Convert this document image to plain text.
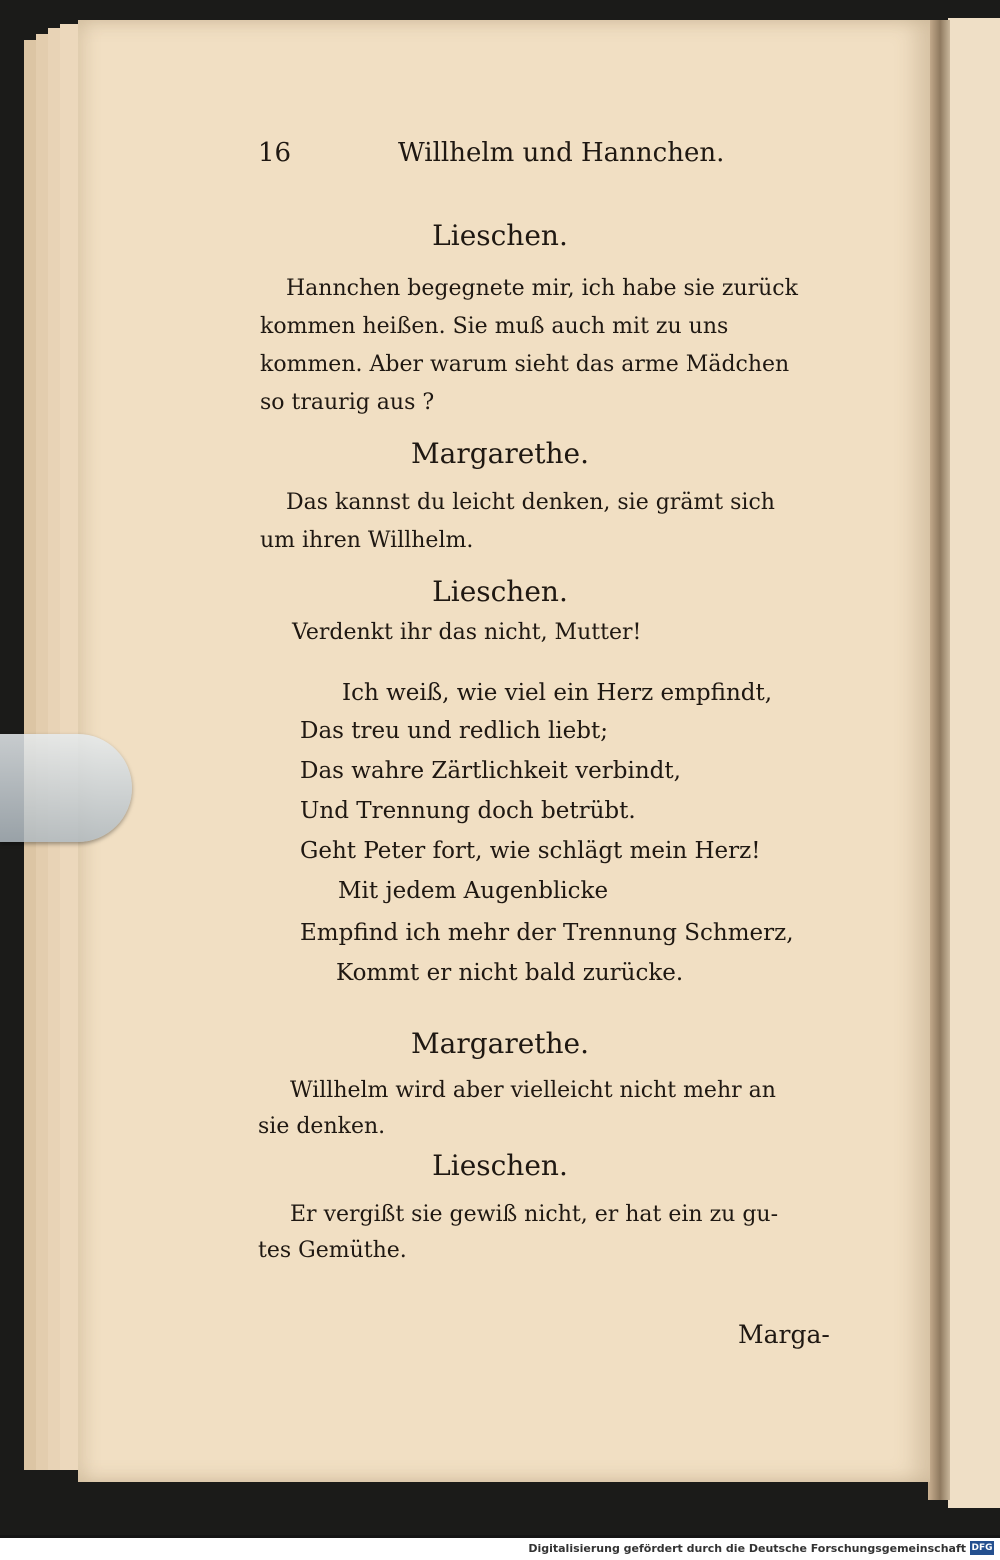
16	Willhelm und Hannchen.
Lieschen.
Hannchen begegnete mir, ich habe sie zurück
kommen heißen. Sie muß auch mit zu uns
kommen. Aber warum sieht das arme Mädchen
so traurig aus ?
Margarethe.
Das kannst du leicht denken, sie grämt sich
um ihren Willhelm.
Lieschen.
Verdenkt ihr das nicht, Mutter!
Ich weiß, wie viel ein Herz empfindt,
Das treu und redlich liebt;
Das wahre Zärtlichkeit verbindt,
Und Trennung doch betrübt.
Geht Peter fort, wie schlägt mein Herz!
Mit jedem Augenblicke
Empfind ich mehr der Trennung Schmerz,
Kommt er nicht bald zurücke.
Margarethe.
Willhelm wird aber vielleicht nicht mehr an
sie denken.
Lieschen.
Er vergißt sie gewiß nicht, er hat ein zu gu-
tes Gemüthe.
Marga-
Digitalisierung gefördert durch die Deutsche Forschungsgemeinschaft DFG
